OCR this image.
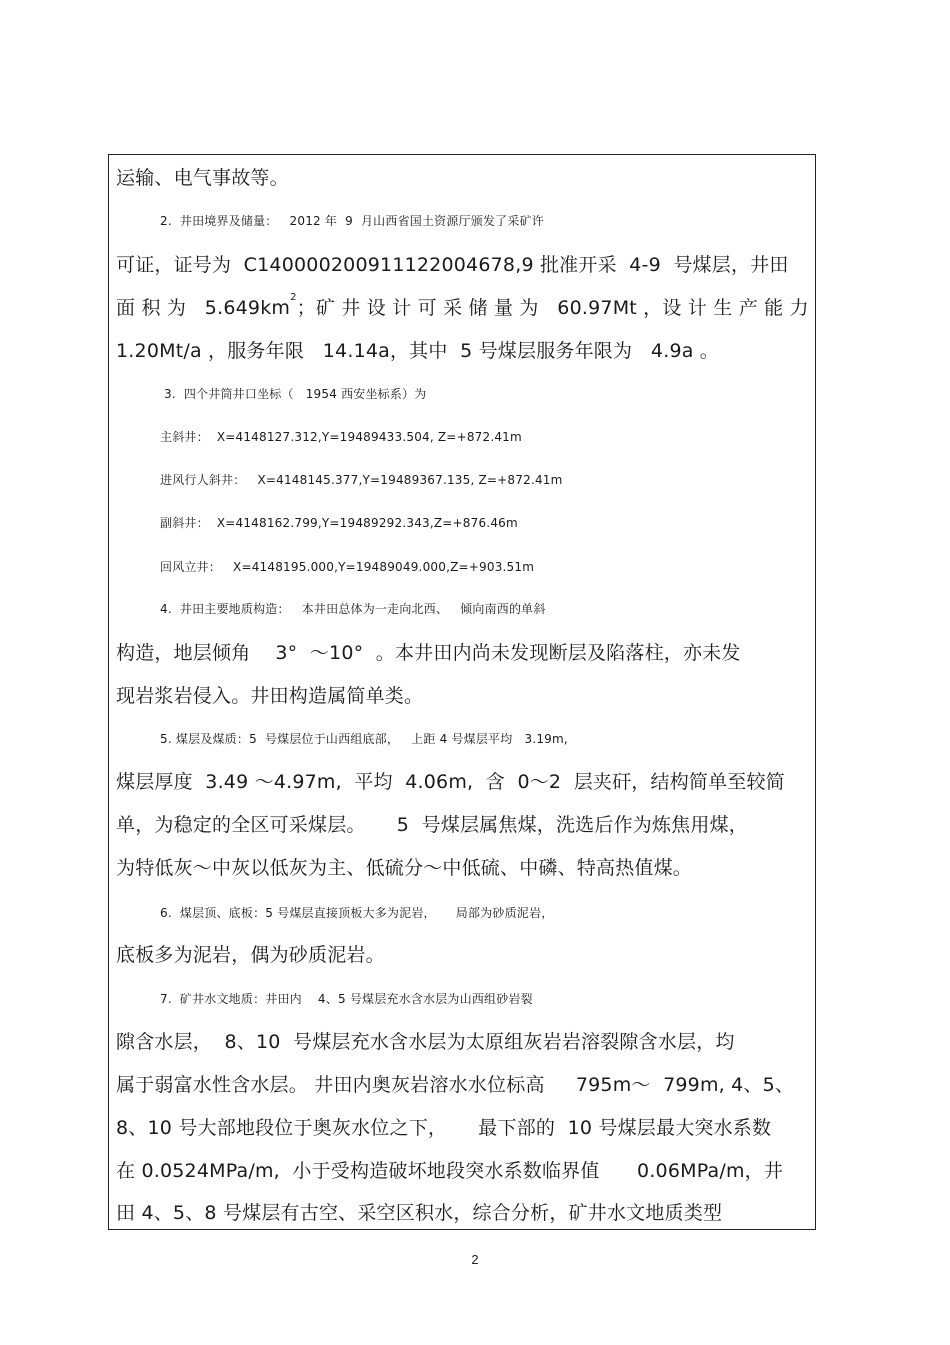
运输、电气事故等。
2.  井田境界及储量：   2012 年  9  月山西省国土资源厅颁发了采矿许
可证，证号为  C140000200911122004678,9 批准开采  4-9  号煤层，井田
面 积 为   $5.649km^2$；矿 井 设 计 可 采 储 量 为   60.97Mt ，设 计 生 产 能 力
1.20Mt/a ，服务年限   14.14a，其中  5 号煤层服务年限为   4.9a 。
3.  四个井筒井口坐标（   1954 西安坐标系）为
主斜井：  X=4148127.312,Y=19489433.504, Z=+872.41m
进风行人斜井：   X=4148145.377,Y=19489367.135, Z=+872.41m
副斜井：  X=4148162.799,Y=19489292.343,Z=+876.46m
回风立井：   X=4148195.000,Y=19489049.000,Z=+903.51m
4.  井田主要地质构造：   本井田总体为一走向北西、   倾向南西的单斜
构造，地层倾角    3°  ～10°  。本井田内尚未发现断层及陷落柱，亦未发
现岩浆岩侵入。井田构造属简单类。
5. 煤层及煤质：5  号煤层位于山西组底部，   上距 4 号煤层平均   3.19m,
煤层厚度  3.49 ～4.97m,  平均  4.06m,  含  0～2  层夹矸，结构简单至较简
单，为稳定的全区可采煤层。     5  号煤层属焦煤，洗选后作为炼焦用煤，
为特低灰～中灰以低灰为主、低硫分～中低硫、中磷、特高热值煤。
6.  煤层顶、底板：5 号煤层直接顶板大多为泥岩，     局部为砂质泥岩，
底板多为泥岩，偶为砂质泥岩。
7.  矿井水文地质：井田内    4、5 号煤层充水含水层为山西组砂岩裂
隙含水层，  8、10  号煤层充水含水层为太原组灰岩岩溶裂隙含水层，均
属于弱富水性含水层。 井田内奥灰岩溶水水位标高     795m～  799m, 4、5、
8、10 号大部地段位于奥灰水位之下，     最下部的  10 号煤层最大突水系数
在 0.0524MPa/m,  小于受构造破坏地段突水系数临界值      0.06MPa/m，井
田 4、5、8 号煤层有古空、采空区积水，综合分析，矿井水文地质类型
2
